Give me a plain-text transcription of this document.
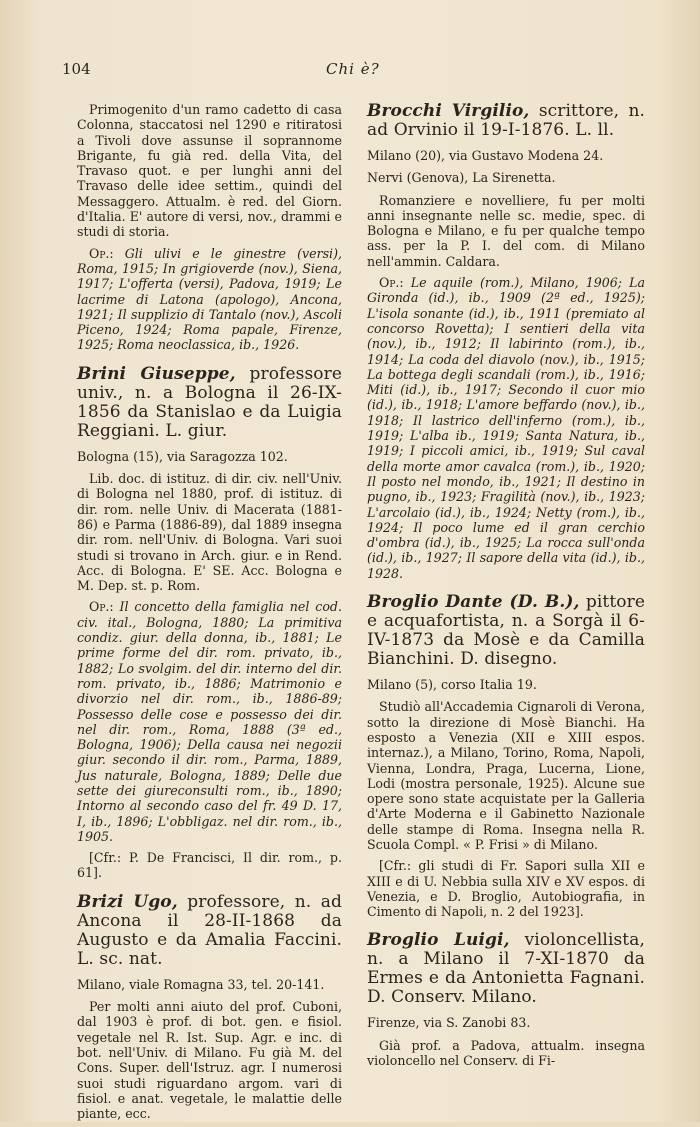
104	Chi è?

Primogenito d'un ramo cadetto di casa Colonna, staccatosi nel 1290 e ritiratosi a Tivoli dove assunse il soprannome Brigante, fu già red. della Vita, del Travaso quot. e per lunghi anni del Travaso delle idee settim., quindi del Messaggero. Attualm. è red. del Giorn. d'Italia. E' autore di versi, nov., drammi e studi di storia.

Op.: Gli ulivi e le ginestre (versi), Roma, 1915; In grigioverde (nov.), Siena, 1917; L'offerta (versi), Padova, 1919; Le lacrime di Latona (apologo), Ancona, 1921; Il supplizio di Tantalo (nov.), Ascoli Piceno, 1924; Roma papale, Firenze, 1925; Roma neoclassica, ib., 1926.

Brini Giuseppe, professore univ., n. a Bologna il 26-IX-1856 da Stanislao e da Luigia Reggiani. L. giur.

Bologna (15), via Saragozza 102.

Lib. doc. di istituz. di dir. civ. nell'Univ. di Bologna nel 1880, prof. di istituz. di dir. rom. nelle Univ. di Macerata (1881-86) e Parma (1886-89), dal 1889 insegna dir. rom. nell'Univ. di Bologna. Vari suoi studi si trovano in Arch. giur. e in Rend. Acc. di Bologna. E' SE. Acc. Bologna e M. Dep. st. p. Rom.

Op.: Il concetto della famiglia nel cod. civ. ital., Bologna, 1880; La primitiva condiz. giur. della donna, ib., 1881; Le prime forme del dir. rom. privato, ib., 1882; Lo svolgim. del dir. interno del dir. rom. privato, ib., 1886; Matrimonio e divorzio nel dir. rom., ib., 1886-89; Possesso delle cose e possesso dei dir. nel dir. rom., Roma, 1888 (3ª ed., Bologna, 1906); Della causa nei negozii giur. secondo il dir. rom., Parma, 1889, Jus naturale, Bologna, 1889; Delle due sette dei giureconsulti rom., ib., 1890; Intorno al secondo caso del fr. 49 D. 17, I, ib., 1896; L'obbligaz. nel dir. rom., ib., 1905.

[Cfr.: P. De Francisci, Il dir. rom., p. 61].

Brizi Ugo, professore, n. ad Ancona il 28-II-1868 da Augusto e da Amalia Faccini. L. sc. nat.

Milano, viale Romagna 33, tel. 20-141.

Per molti anni aiuto del prof. Cuboni, dal 1903 è prof. di bot. gen. e fisiol. vegetale nel R. Ist. Sup. Agr. e inc. di bot. nell'Univ. di Milano. Fu già M. del Cons. Super. dell'Istruz. agr. I numerosi suoi studi riguardano argom. vari di fisiol. e anat. vegetale, le malattie delle piante, ecc.

Brocchi Virgilio, scrittore, n. ad Orvinio il 19-I-1876. L. ll.

Milano (20), via Gustavo Modena 24.

Nervi (Genova), La Sirenetta.

Romanziere e novelliere, fu per molti anni insegnante nelle sc. medie, spec. di Bologna e Milano, e fu per qualche tempo ass. per la P. I. del com. di Milano nell'ammin. Caldara.

Op.: Le aquile (rom.), Milano, 1906; La Gironda (id.), ib., 1909 (2ª ed., 1925); L'isola sonante (id.), ib., 1911 (premiato al concorso Rovetta); I sentieri della vita (nov.), ib., 1912; Il labirinto (rom.), ib., 1914; La coda del diavolo (nov.), ib., 1915; La bottega degli scandali (rom.), ib., 1916; Miti (id.), ib., 1917; Secondo il cuor mio (id.), ib., 1918; L'amore beffardo (nov.), ib., 1918; Il lastrico dell'inferno (rom.), ib., 1919; L'alba ib., 1919; Santa Natura, ib., 1919; I piccoli amici, ib., 1919; Sul caval della morte amor cavalca (rom.), ib., 1920; Il posto nel mondo, ib., 1921; Il destino in pugno, ib., 1923; Fragilità (nov.), ib., 1923; L'arcolaio (id.), ib., 1924; Netty (rom.), ib., 1924; Il poco lume ed il gran cerchio d'ombra (id.), ib., 1925; La rocca sull'onda (id.), ib., 1927; Il sapore della vita (id.), ib., 1928.

Broglio Dante (D. B.), pittore e acquafortista, n. a Sorgà il 6-IV-1873 da Mosè e da Camilla Bianchini. D. disegno.

Milano (5), corso Italia 19.

Studiò all'Accademia Cignaroli di Verona, sotto la direzione di Mosè Bianchi. Ha esposto a Venezia (XII e XIII espos. internaz.), a Milano, Torino, Roma, Napoli, Vienna, Londra, Praga, Lucerna, Lione, Lodi (mostra personale, 1925). Alcune sue opere sono state acquistate per la Galleria d'Arte Moderna e il Gabinetto Nazionale delle stampe di Roma. Insegna nella R. Scuola Compl. « P. Frisi » di Milano.

[Cfr.: gli studi di Fr. Sapori sulla XII e XIII e di U. Nebbia sulla XIV e XV espos. di Venezia, e D. Broglio, Autobiografia, in Cimento di Napoli, n. 2 del 1923].

Broglio Luigi, violoncellista, n. a Milano il 7-XI-1870 da Ermes e da Antonietta Fagnani. D. Conserv. Milano.

Firenze, via S. Zanobi 83.

Già prof. a Padova, attualm. insegna violoncello nel Conserv. di Fi-
